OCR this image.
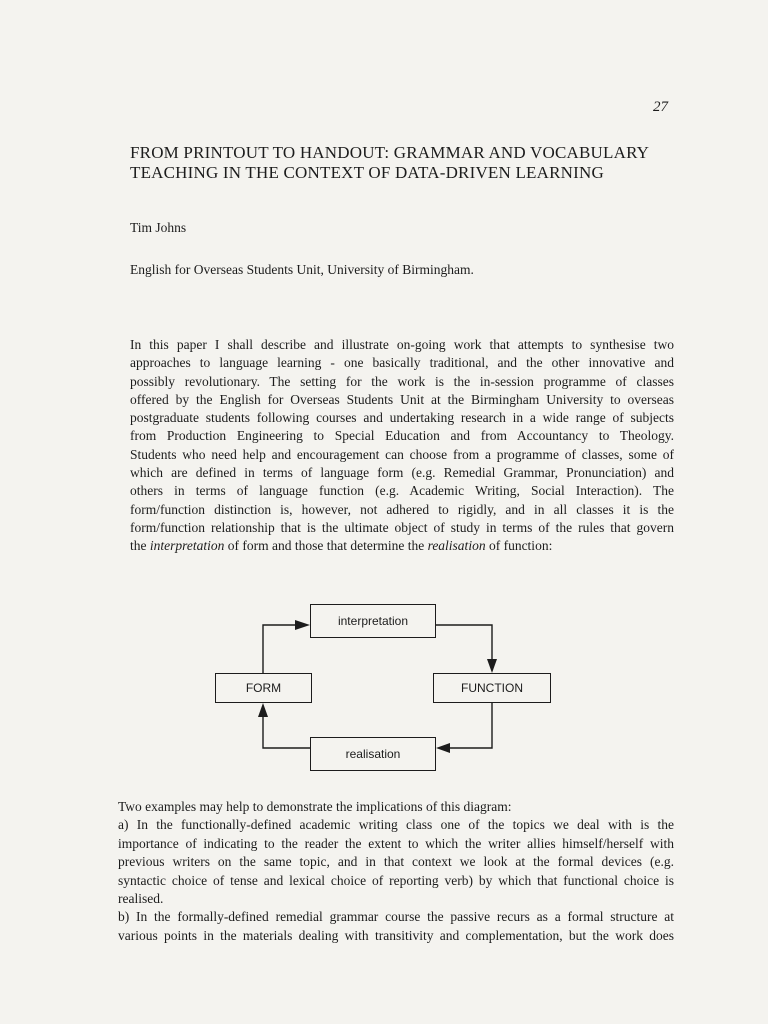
27
FROM PRINTOUT TO HANDOUT: GRAMMAR AND VOCABULARY
TEACHING IN THE CONTEXT OF DATA-DRIVEN LEARNING
Tim Johns
English for Overseas Students Unit, University of Birmingham.
In this paper I shall describe and illustrate on-going work that attempts to synthesise two
approaches to language learning - one basically traditional, and the other innovative and
possibly revolutionary. The setting for the work is the in-session programme of classes
offered by the English for Overseas Students Unit at the Birmingham University to overseas
postgraduate students following courses and undertaking research in a wide range of subjects
from Production Engineering to Special Education and from Accountancy to Theology.
Students who need help and encouragement can choose from a programme of classes, some of
which are defined in terms of language form (e.g. Remedial Grammar, Pronunciation) and
others in terms of language function (e.g. Academic Writing, Social Interaction). The
form/function distinction is, however, not adhered to rigidly, and in all classes it is the
form/function relationship that is the ultimate object of study in terms of the rules that govern
the interpretation of form and those that determine the realisation of function:
interpretation
FORM	FUNCTION
realisation
Two examples may help to demonstrate the implications of this diagram:
a) In the functionally-defined academic writing class one of the topics we deal with is the
importance of indicating to the reader the extent to which the writer allies himself/herself with
previous writers on the same topic, and in that context we look at the formal devices (e.g.
syntactic choice of tense and lexical choice of reporting verb) by which that functional choice is
realised.
b) In the formally-defined remedial grammar course the passive recurs as a formal structure at
various points in the materials dealing with transitivity and complementation, but the work does
